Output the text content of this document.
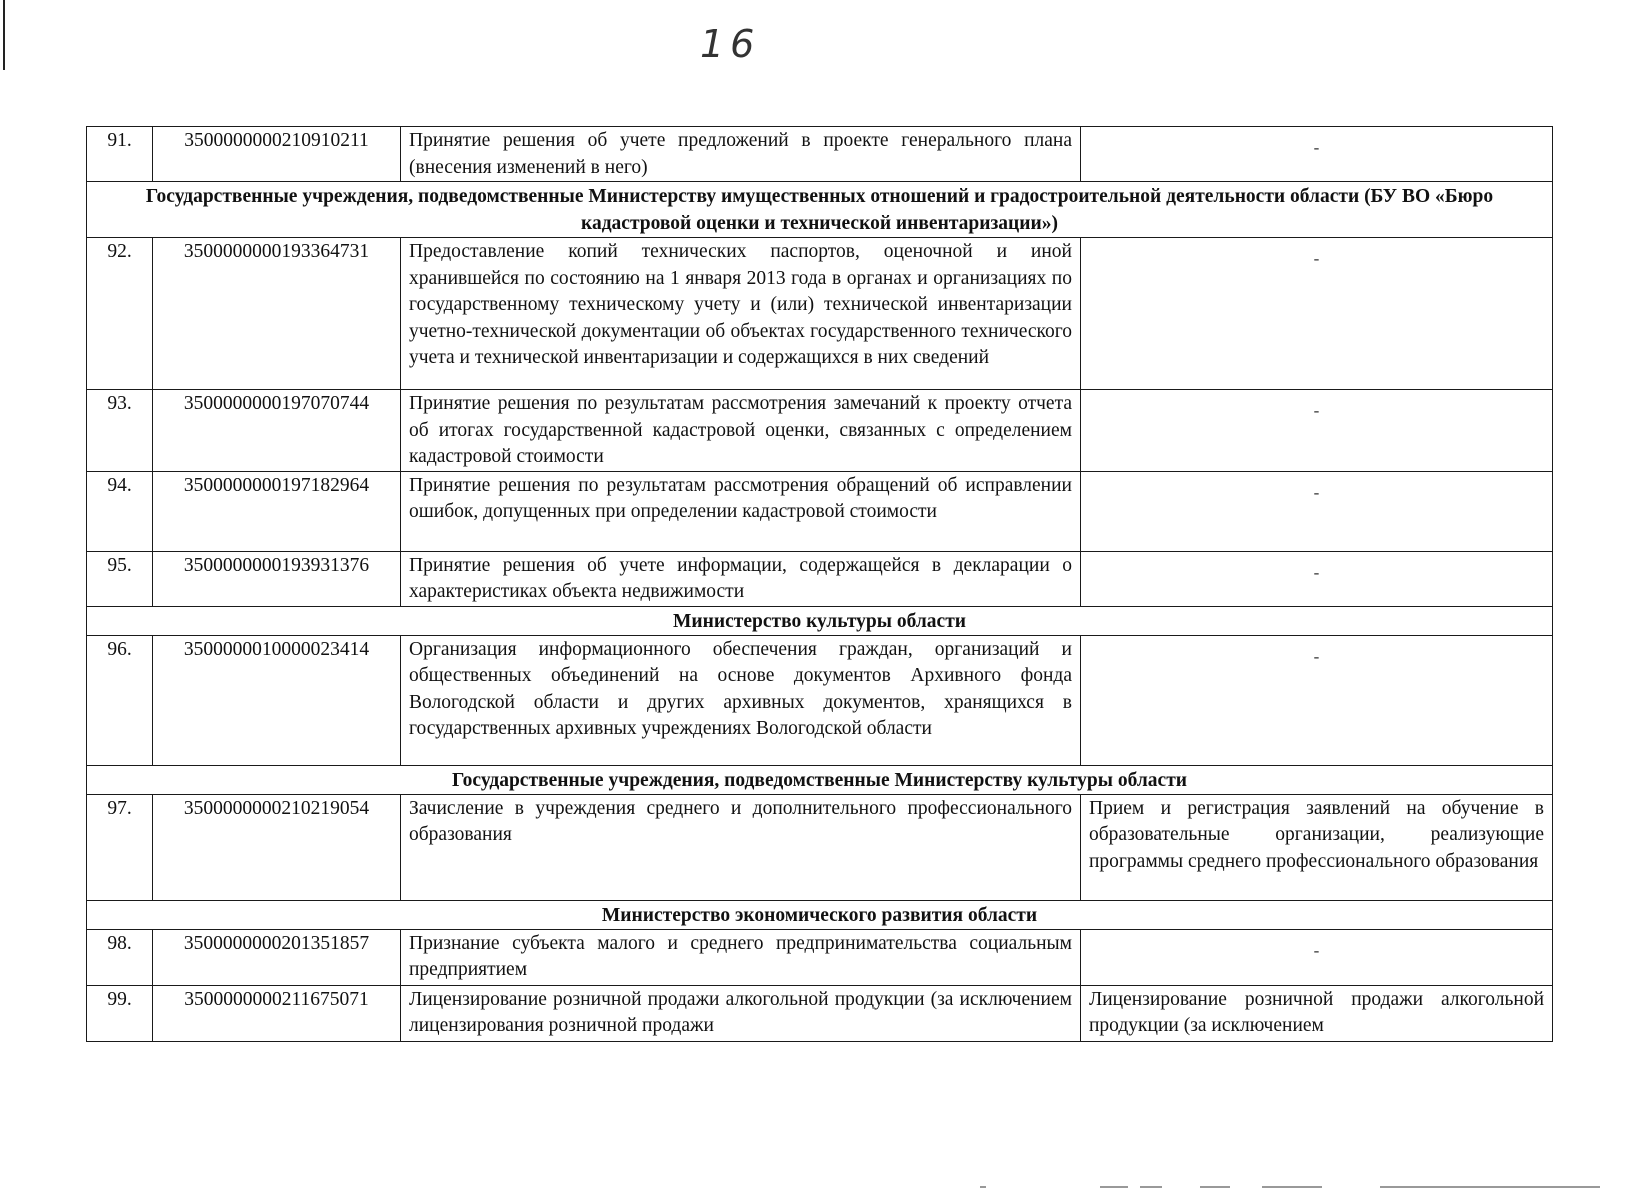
16
91.	3500000000210910211	Принятие решения об учете предложений в проекте генерального плана (внесения изменений в него)	-
Государственные учреждения, подведомственные Министерству имущественных отношений и градостроительной деятельности области (БУ ВО «Бюро кадастровой оценки и технической инвентаризации»)			
92.	3500000000193364731	Предоставление копий технических паспортов, оценочной и иной хранившейся по состоянию на 1 января 2013 года в органах и организациях по государственному техническому учету и (или) технической инвентаризации учетно-технической документации об объектах государственного технического учета и технической инвентаризации и содержащихся в них сведений	-
93.	3500000000197070744	Принятие решения по результатам рассмотрения замечаний к проекту отчета об итогах государственной кадастровой оценки, связанных с определением кадастровой стоимости	-
94.	3500000000197182964	Принятие решения по результатам рассмотрения обращений об исправлении ошибок, допущенных при определении кадастровой стоимости	-
95.	3500000000193931376	Принятие решения об учете информации, содержащейся в декларации о характеристиках объекта недвижимости	-
Министерство культуры области			
96.	3500000010000023414	Организация информационного обеспечения граждан, организаций и общественных объединений на основе документов Архивного фонда Вологодской области и других архивных документов, хранящихся в государственных архивных учреждениях Вологодской области	-
Государственные учреждения, подведомственные Министерству культуры области			
97.	3500000000210219054	Зачисление в учреждения среднего и дополнительного профессионального образования	Прием и регистрация заявлений на обучение в образовательные организации, реализующие программы среднего профессионального образования
Министерство экономического развития области			
98.	3500000000201351857	Признание субъекта малого и среднего предпринимательства социальным предприятием	-
99.	3500000000211675071	Лицензирование розничной продажи алкогольной продукции (за исключением лицензирования розничной продажи	Лицензирование розничной продажи алкогольной продукции (за исключением
